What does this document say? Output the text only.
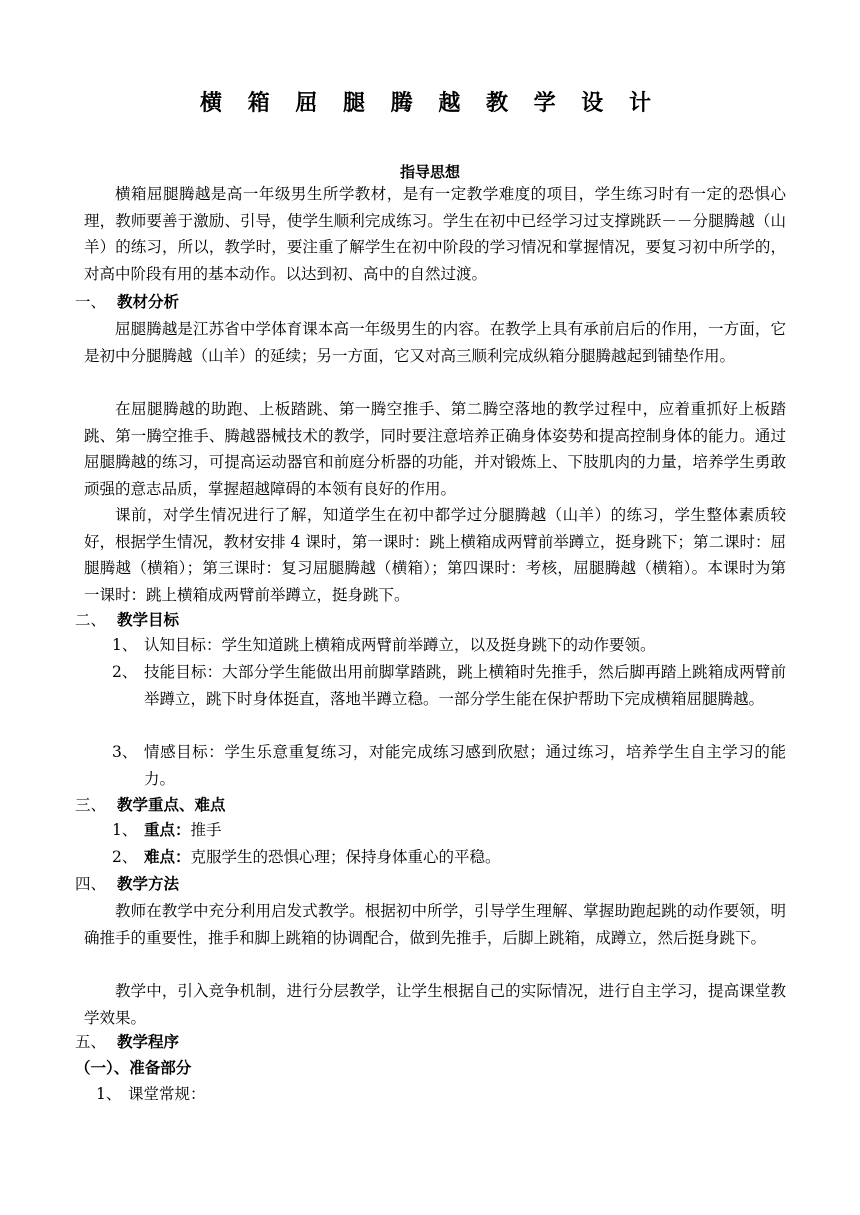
横 箱 屈 腿 腾 越 教 学 设 计
指导思想

横箱屈腿腾越是高一年级男生所学教材，是有一定教学难度的项目，学生练习时有一定的恐惧心理，教师要善于激励、引导，使学生顺利完成练习。学生在初中已经学习过支撑跳跃－－分腿腾越（山羊）的练习，所以，教学时，要注重了解学生在初中阶段的学习情况和掌握情况，要复习初中所学的，对高中阶段有用的基本动作。以达到初、高中的自然过渡。

一、 教材分析

屈腿腾越是江苏省中学体育课本高一年级男生的内容。在教学上具有承前启后的作用，一方面，它是初中分腿腾越（山羊）的延续；另一方面，它又对高三顺利完成纵箱分腿腾越起到铺垫作用。

在屈腿腾越的助跑、上板踏跳、第一腾空推手、第二腾空落地的教学过程中，应着重抓好上板踏跳、第一腾空推手、腾越器械技术的教学，同时要注意培养正确身体姿势和提高控制身体的能力。通过屈腿腾越的练习，可提高运动器官和前庭分析器的功能，并对锻炼上、下肢肌肉的力量，培养学生勇敢顽强的意志品质，掌握超越障碍的本领有良好的作用。

课前，对学生情况进行了解，知道学生在初中都学过分腿腾越（山羊）的练习，学生整体素质较好，根据学生情况，教材安排 4 课时，第一课时：跳上横箱成两臂前举蹲立，挺身跳下；第二课时：屈腿腾越（横箱）；第三课时：复习屈腿腾越（横箱）；第四课时：考核，屈腿腾越（横箱）。本课时为第一课时：跳上横箱成两臂前举蹲立，挺身跳下。

二、 教学目标
1、 认知目标：学生知道跳上横箱成两臂前举蹲立，以及挺身跳下的动作要领。
2、 技能目标：大部分学生能做出用前脚掌踏跳，跳上横箱时先推手，然后脚再踏上跳箱成两臂前举蹲立，跳下时身体挺直，落地半蹲立稳。一部分学生能在保护帮助下完成横箱屈腿腾越。
3、 情感目标：学生乐意重复练习，对能完成练习感到欣慰；通过练习，培养学生自主学习的能力。
三、 教学重点、难点
1、 重点：推手
2、 难点：克服学生的恐惧心理；保持身体重心的平稳。
四、 教学方法

教师在教学中充分利用启发式教学。根据初中所学，引导学生理解、掌握助跑起跳的动作要领，明确推手的重要性，推手和脚上跳箱的协调配合，做到先推手，后脚上跳箱，成蹲立，然后挺身跳下。

教学中，引入竞争机制，进行分层教学，让学生根据自己的实际情况，进行自主学习，提高课堂教学效果。

五、 教学程序
（一）、准备部分
1、 课堂常规：
